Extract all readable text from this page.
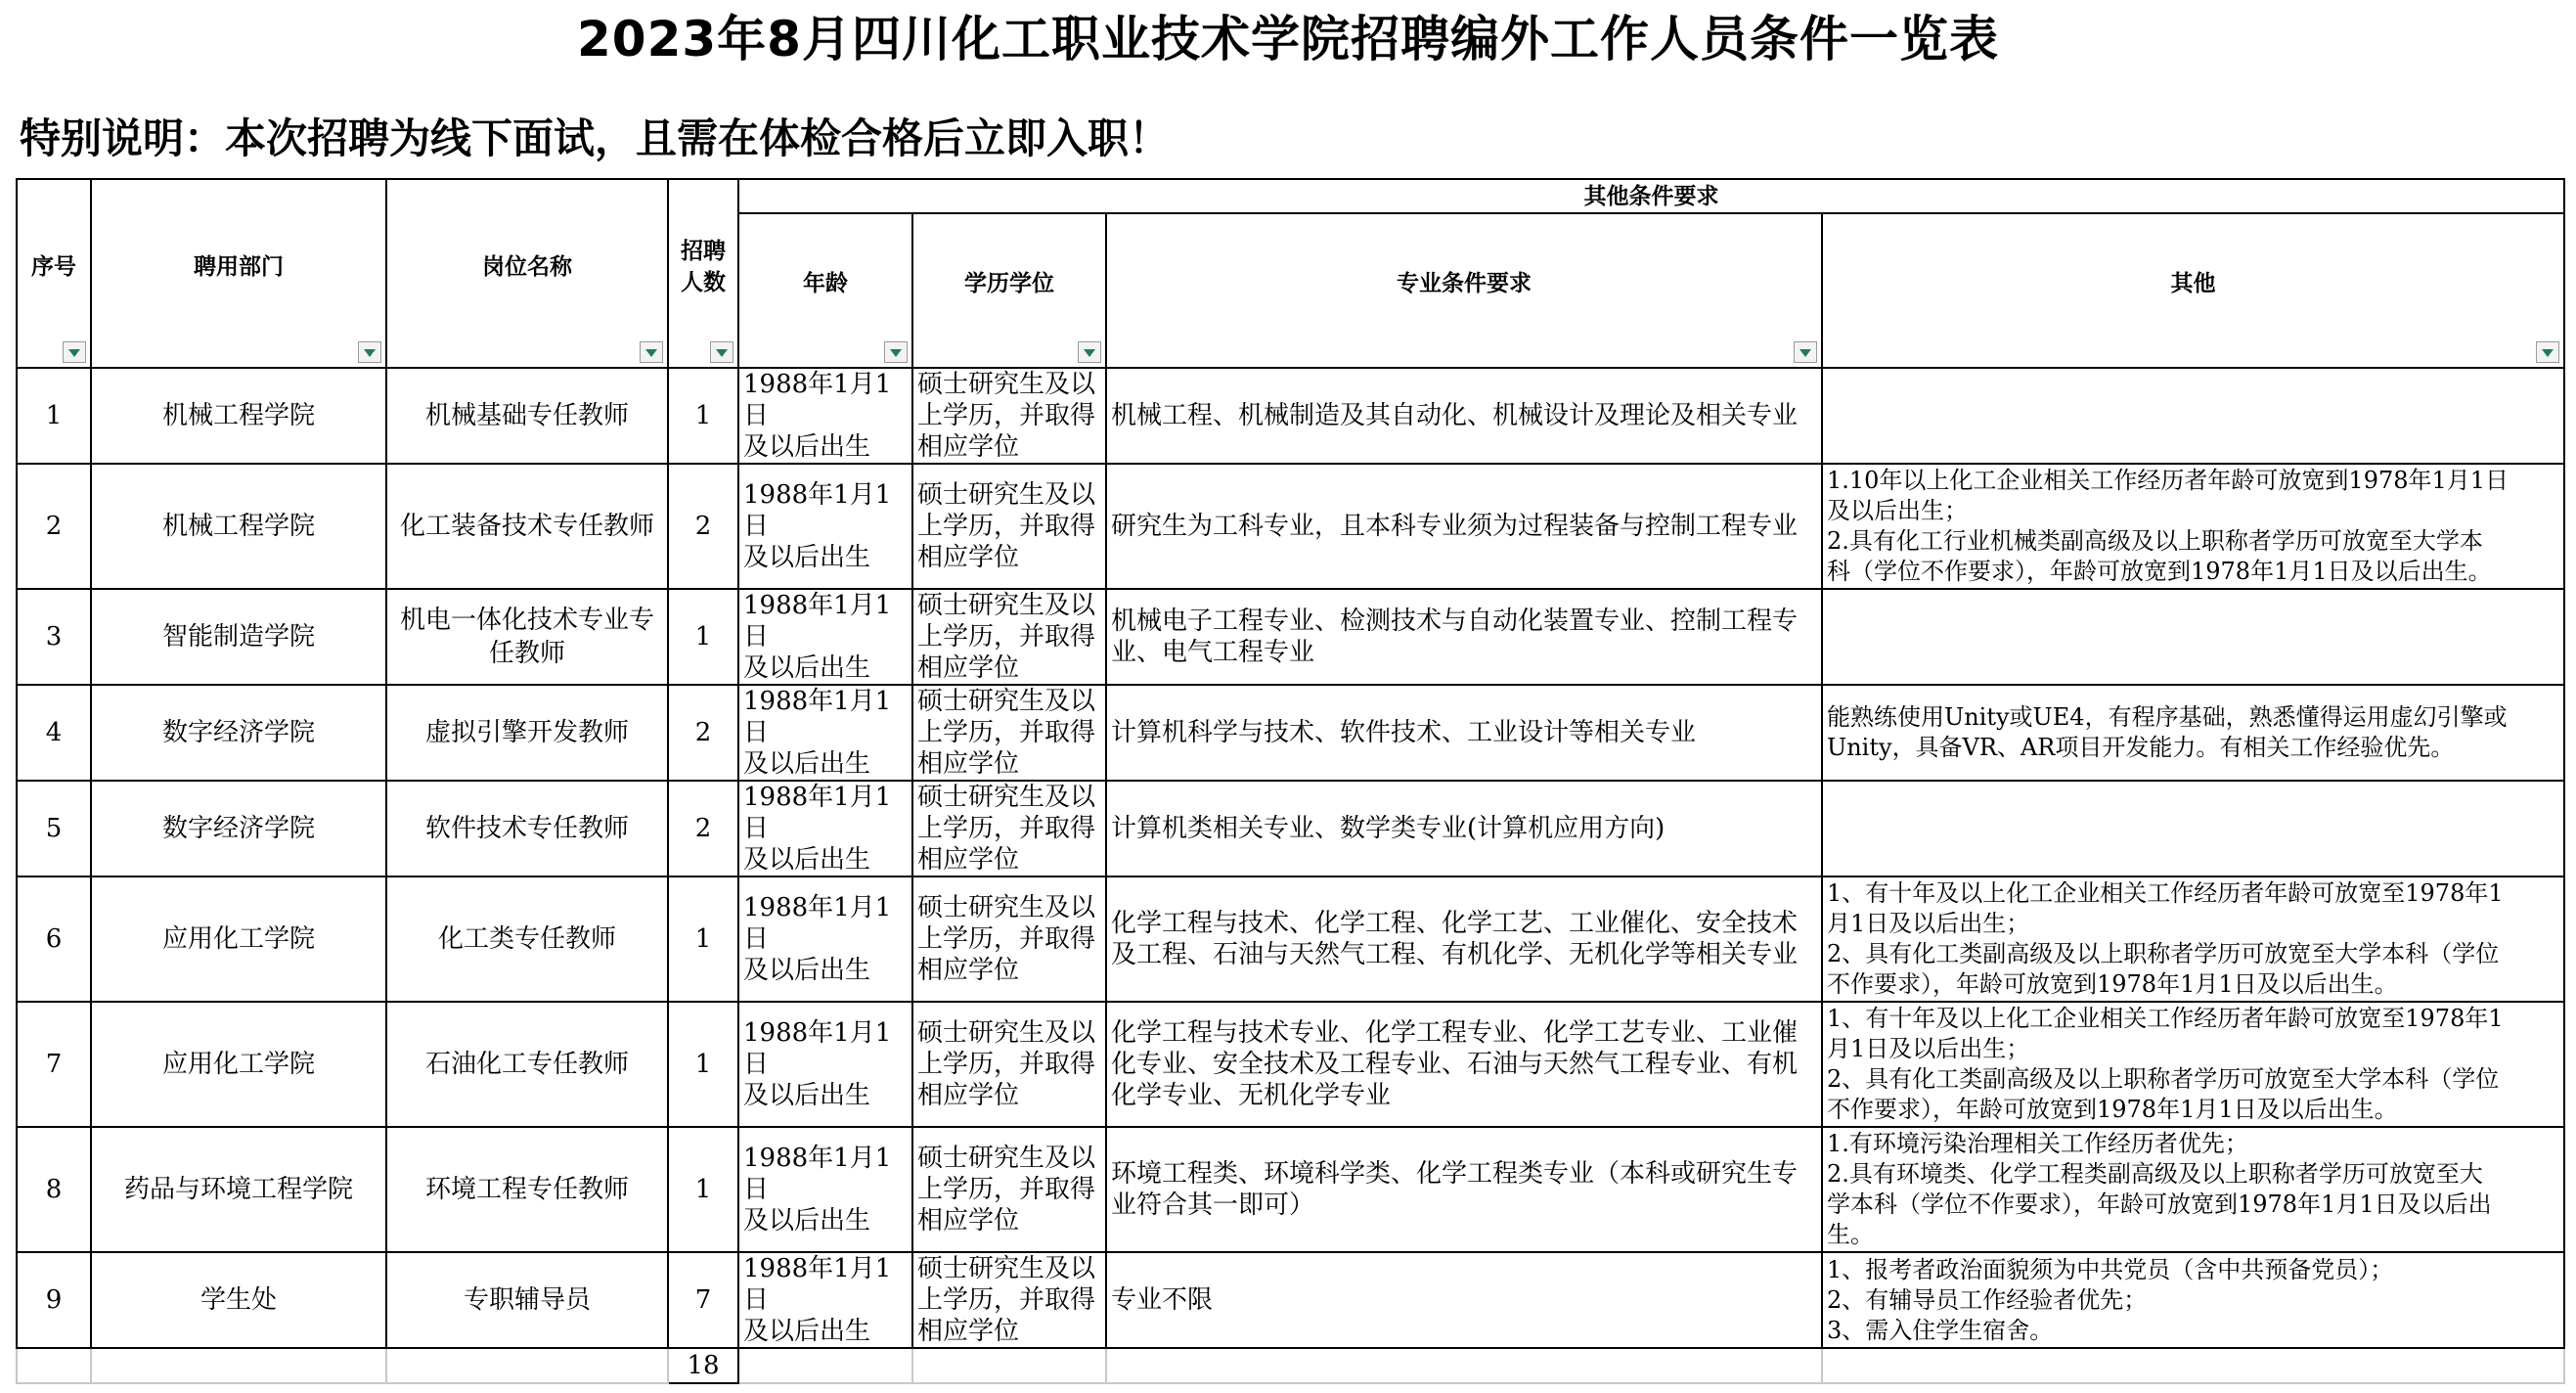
2023年8月四川化工职业技术学院招聘编外工作人员条件一览表
特别说明：本次招聘为线下面试，且需在体检合格后立即入职！
序号	聘用部门	岗位名称	招聘
人数	其他条件要求			

				年龄	学历学位	专业条件要求	其他

1	机械工程学院	机械基础专任教师	1	1988年1月1日
及以后出生	硕士研究生及以
上学历，并取得
相应学位	机械工程、机械制造及其自动化、机械设计及理论及相关专业	

2	机械工程学院	化工装备技术专任教师	2	1988年1月1日
及以后出生	硕士研究生及以
上学历，并取得
相应学位	研究生为工科专业，且本科专业须为过程装备与控制工程专业	1.10年以上化工企业相关工作经历者年龄可放宽到1978年1月1日
及以后出生；
2.具有化工行业机械类副高级及以上职称者学历可放宽至大学本
科（学位不作要求），年龄可放宽到1978年1月1日及以后出生。

3	智能制造学院	机电一体化技术专业专
任教师	1	1988年1月1日
及以后出生	硕士研究生及以
上学历，并取得
相应学位	机械电子工程专业、检测技术与自动化装置专业、控制工程专
业、电气工程专业	

4	数字经济学院	虚拟引擎开发教师	2	1988年1月1日
及以后出生	硕士研究生及以
上学历，并取得
相应学位	计算机科学与技术、软件技术、工业设计等相关专业	能熟练使用Unity或UE4，有程序基础，熟悉懂得运用虚幻引擎或
Unity，具备VR、AR项目开发能力。有相关工作经验优先。

5	数字经济学院	软件技术专任教师	2	1988年1月1日
及以后出生	硕士研究生及以
上学历，并取得
相应学位	计算机类相关专业、数学类专业(计算机应用方向)	

6	应用化工学院	化工类专任教师	1	1988年1月1日
及以后出生	硕士研究生及以
上学历，并取得
相应学位	化学工程与技术、化学工程、化学工艺、工业催化、安全技术
及工程、石油与天然气工程、有机化学、无机化学等相关专业	1、有十年及以上化工企业相关工作经历者年龄可放宽至1978年1
月1日及以后出生；
2、具有化工类副高级及以上职称者学历可放宽至大学本科（学位
不作要求），年龄可放宽到1978年1月1日及以后出生。

7	应用化工学院	石油化工专任教师	1	1988年1月1日
及以后出生	硕士研究生及以
上学历，并取得
相应学位	化学工程与技术专业、化学工程专业、化学工艺专业、工业催
化专业、安全技术及工程专业、石油与天然气工程专业、有机
化学专业、无机化学专业	1、有十年及以上化工企业相关工作经历者年龄可放宽至1978年1
月1日及以后出生；
2、具有化工类副高级及以上职称者学历可放宽至大学本科（学位
不作要求），年龄可放宽到1978年1月1日及以后出生。

8	药品与环境工程学院	环境工程专任教师	1	1988年1月1日
及以后出生	硕士研究生及以
上学历，并取得
相应学位	环境工程类、环境科学类、化学工程类专业（本科或研究生专
业符合其一即可）	1.有环境污染治理相关工作经历者优先；
2.具有环境类、化学工程类副高级及以上职称者学历可放宽至大
学本科（学位不作要求），年龄可放宽到1978年1月1日及以后出
生。

9	学生处	专职辅导员	7	1988年1月1日
及以后出生	硕士研究生及以
上学历，并取得
相应学位	专业不限	1、报考者政治面貌须为中共党员（含中共预备党员）；
2、有辅导员工作经验者优先；
3、需入住学生宿舍。

			18				
